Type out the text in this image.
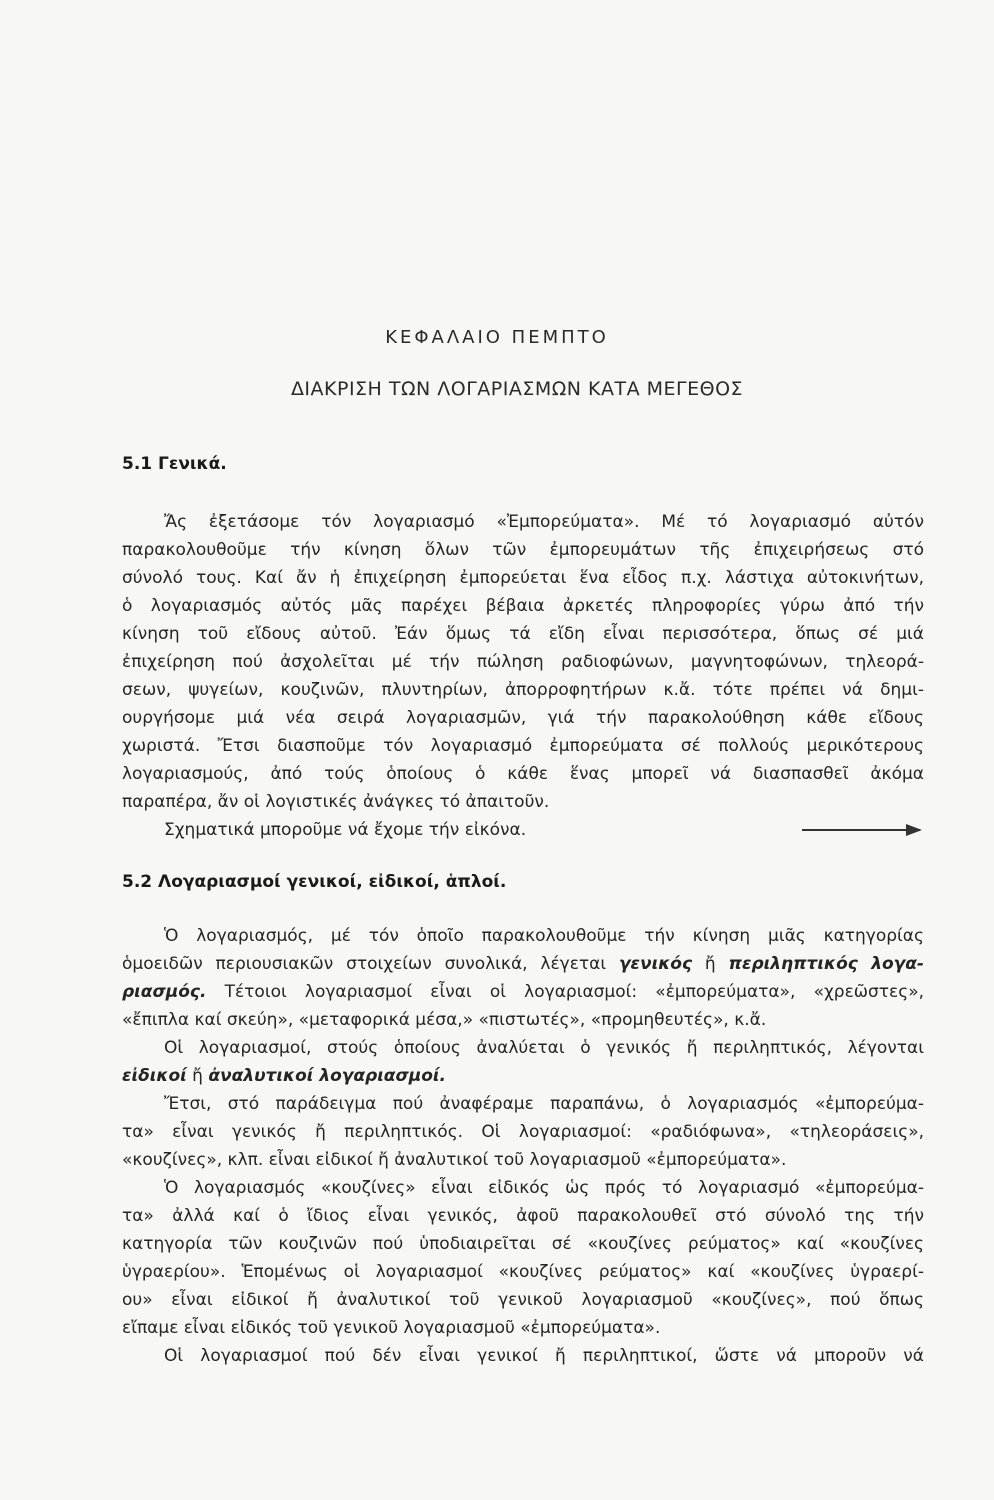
ΚΕΦΑΛΑΙΟ ΠΕΜΠΤΟ
ΔΙΑΚΡΙΣΗ ΤΩΝ ΛΟΓΑΡΙΑΣΜΩΝ ΚΑΤΑ ΜΕΓΕΘΟΣ
5.1 Γενικά.
Ἄς ἐξετάσομε τόν λογαριασμό «Ἐμπορεύματα». Μέ τό λογαριασμό αὐτόν
παρακολουθοῦμε τήν κίνηση ὅλων τῶν ἐμπορευμάτων τῆς ἐπιχειρήσεως στό
σύνολό τους. Καί ἄν ἡ ἐπιχείρηση ἐμπορεύεται ἕνα εἶδος π.χ. λάστιχα αὐτοκινήτων,
ὁ λογαριασμός αὐτός μᾶς παρέχει βέβαια ἀρκετές πληροφορίες γύρω ἀπό τήν
κίνηση τοῦ εἴδους αὐτοῦ. Ἐάν ὅμως τά εἴδη εἶναι περισσότερα, ὅπως σέ μιά
ἐπιχείρηση πού ἀσχολεῖται μέ τήν πώληση ραδιοφώνων, μαγνητοφώνων, τηλεορά-
σεων, ψυγείων, κουζινῶν, πλυντηρίων, ἀπορροφητήρων κ.ἄ. τότε πρέπει νά δημι-
ουργήσομε μιά νέα σειρά λογαριασμῶν, γιά τήν παρακολούθηση κάθε εἴδους
χωριστά. Ἔτσι διασποῦμε τόν λογαριασμό ἐμπορεύματα σέ πολλούς μερικότερους
λογαριασμούς, ἀπό τούς ὁποίους ὁ κάθε ἕνας μπορεῖ νά διασπασθεῖ ἀκόμα
παραπέρα, ἄν οἱ λογιστικές ἀνάγκες τό ἀπαιτοῦν.
Σχηματικά μποροῦμε νά ἔχομε τήν εἰκόνα.
5.2 Λογαριασμοί γενικοί, εἰδικοί, ἁπλοί.
Ὁ λογαριασμός, μέ τόν ὁποῖο παρακολουθοῦμε τήν κίνηση μιᾶς κατηγορίας
ὁμοειδῶν περιουσιακῶν στοιχείων συνολικά, λέγεται γενικός ἤ περιληπτικός λογα-
ριασμός. Τέτοιοι λογαριασμοί εἶναι οἱ λογαριασμοί: «ἐμπορεύματα», «χρεῶστες»,
«ἔπιπλα καί σκεύη», «μεταφορικά μέσα,» «πιστωτές», «προμηθευτές», κ.ἄ.
Οἱ λογαριασμοί, στούς ὁποίους ἀναλύεται ὁ γενικός ἤ περιληπτικός, λέγονται
εἰδικοί ἤ ἀναλυτικοί λογαριασμοί.
Ἔτσι, στό παράδειγμα πού ἀναφέραμε παραπάνω, ὁ λογαριασμός «ἐμπορεύμα-
τα» εἶναι γενικός ἤ περιληπτικός. Οἱ λογαριασμοί: «ραδιόφωνα», «τηλεοράσεις»,
«κουζίνες», κλπ. εἶναι εἰδικοί ἤ ἀναλυτικοί τοῦ λογαριασμοῦ «ἐμπορεύματα».
Ὁ λογαριασμός «κουζίνες» εἶναι εἰδικός ὡς πρός τό λογαριασμό «ἐμπορεύμα-
τα» ἀλλά καί ὁ ἴδιος εἶναι γενικός, ἀφοῦ παρακολουθεῖ στό σύνολό της τήν
κατηγορία τῶν κουζινῶν πού ὑποδιαιρεῖται σέ «κουζίνες ρεύματος» καί «κουζίνες
ὑγραερίου». Ἑπομένως οἱ λογαριασμοί «κουζίνες ρεύματος» καί «κουζίνες ὑγραερί-
ου» εἶναι εἰδικοί ἤ ἀναλυτικοί τοῦ γενικοῦ λογαριασμοῦ «κουζίνες», πού ὅπως
εἴπαμε εἶναι εἰδικός τοῦ γενικοῦ λογαριασμοῦ «ἐμπορεύματα».
Οἱ λογαριασμοί πού δέν εἶναι γενικοί ἤ περιληπτικοί, ὥστε νά μποροῦν νά
